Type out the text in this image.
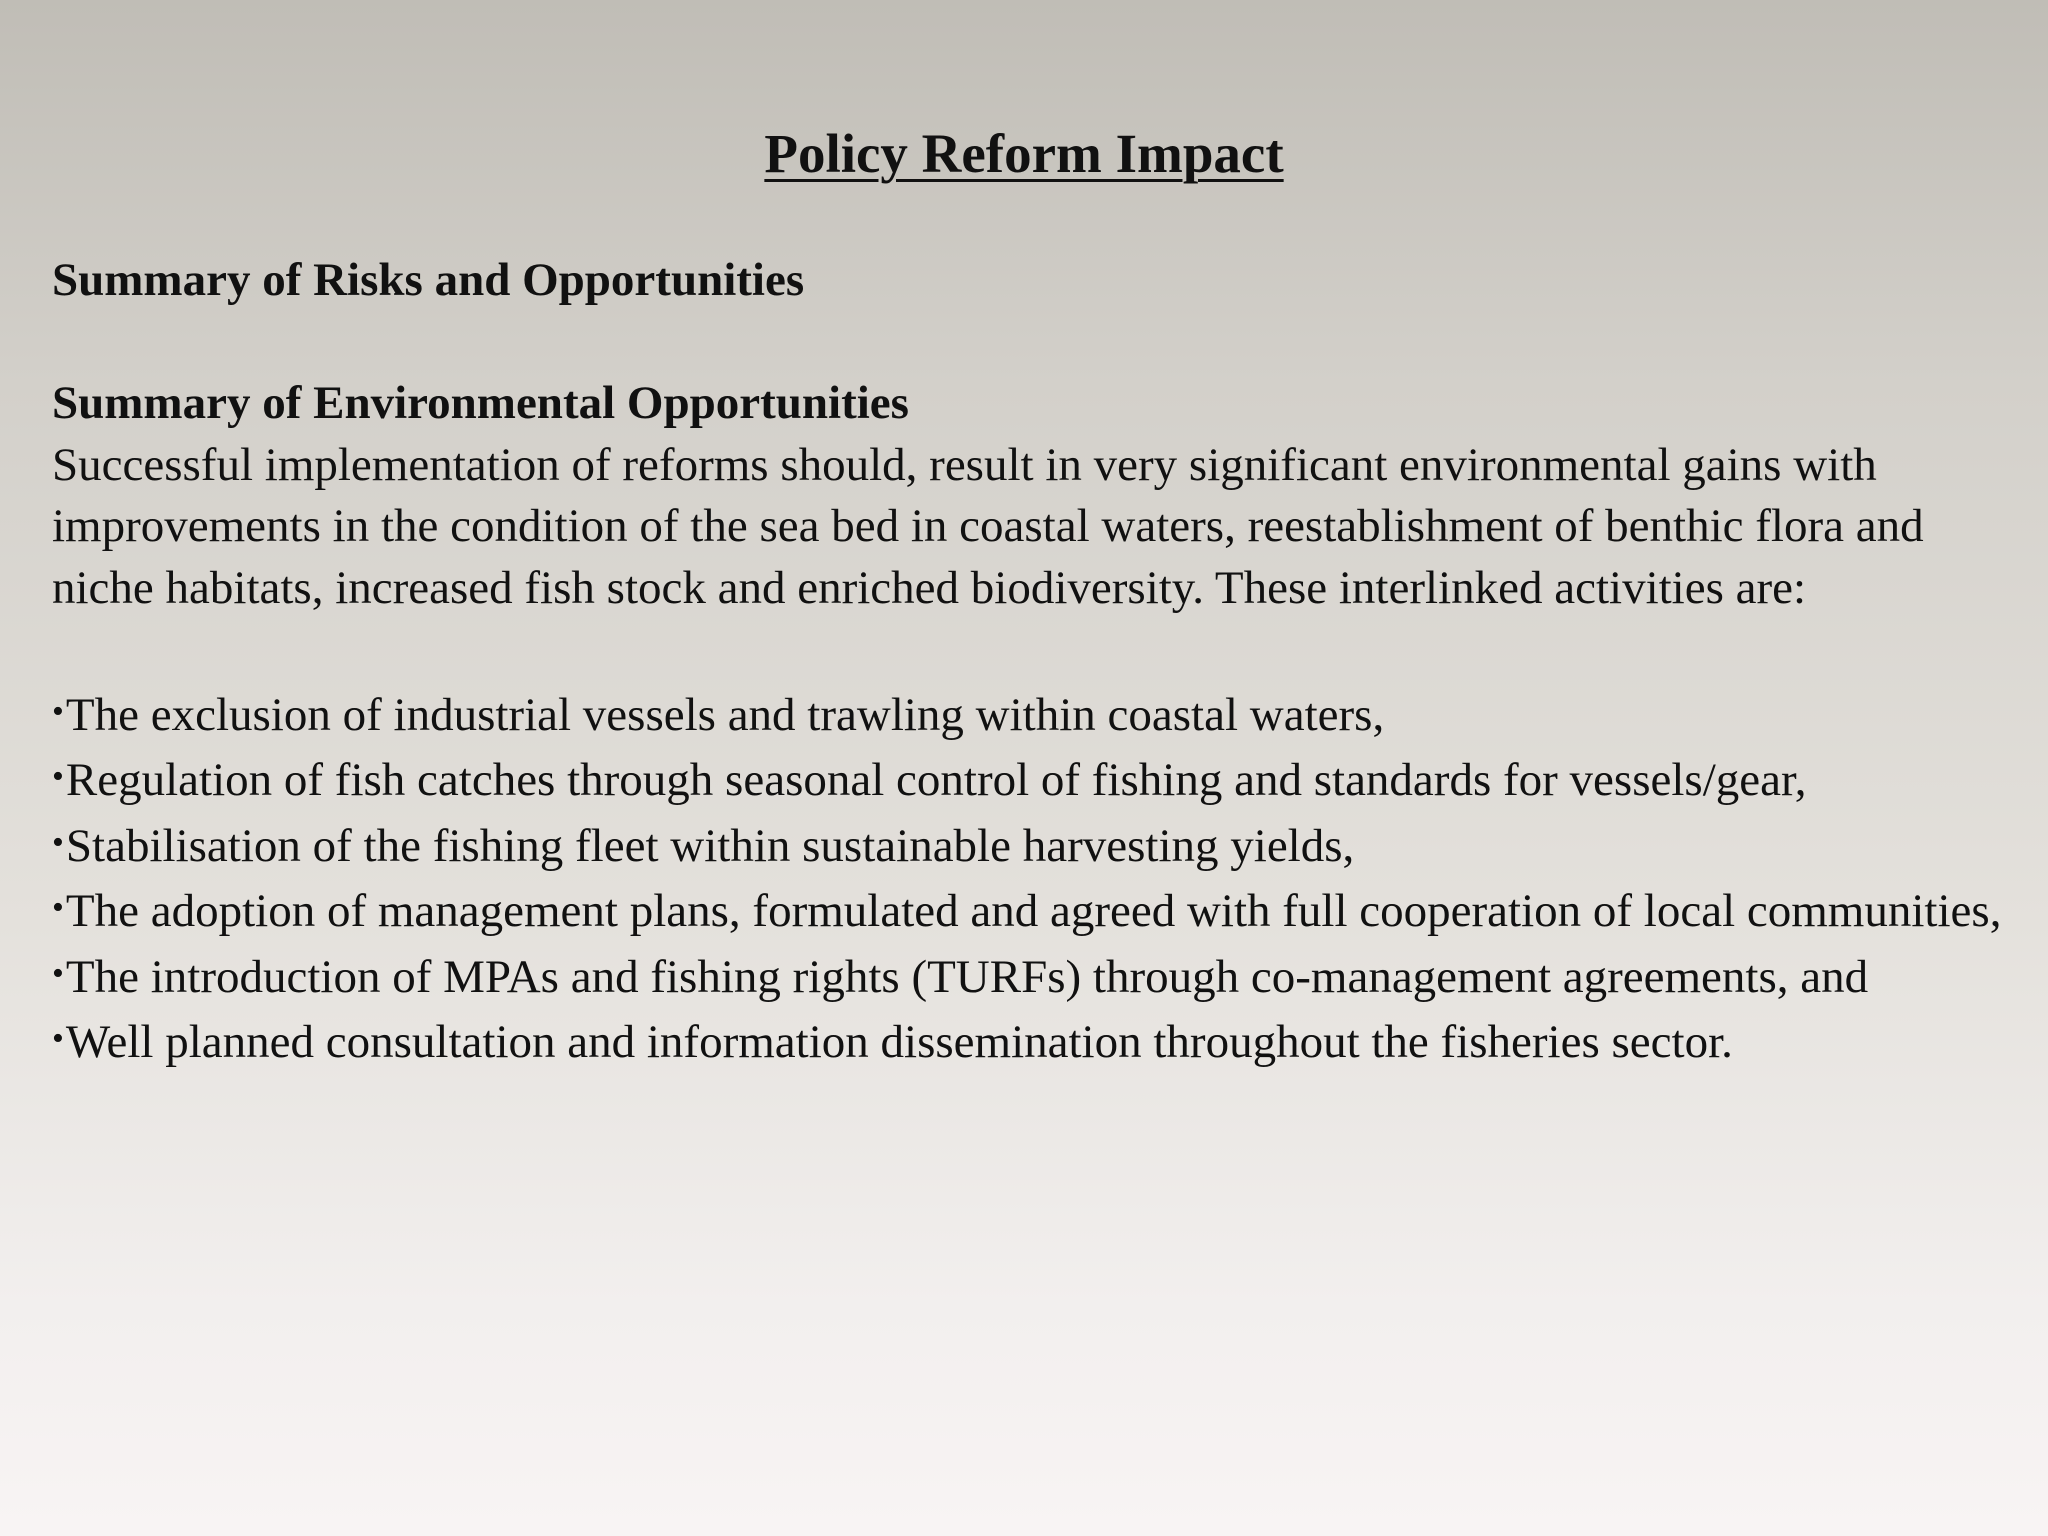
Policy Reform Impact

Summary of Risks and Opportunities

Summary of Environmental Opportunities

Successful implementation of reforms should, result in very significant environmental gains with improvements in the condition of the sea bed in coastal waters, reestablishment of benthic flora and niche habitats, increased fish stock and enriched biodiversity. These interlinked activities are:

•The exclusion of industrial vessels and trawling within coastal waters,
•Regulation of fish catches through seasonal control of fishing and standards for vessels/gear,
•Stabilisation of the fishing fleet within sustainable harvesting yields,
•The adoption of management plans, formulated and agreed with full cooperation of local communities,
•The introduction of MPAs and fishing rights (TURFs) through co-management agreements, and
•Well planned consultation and information dissemination throughout the fisheries sector.
